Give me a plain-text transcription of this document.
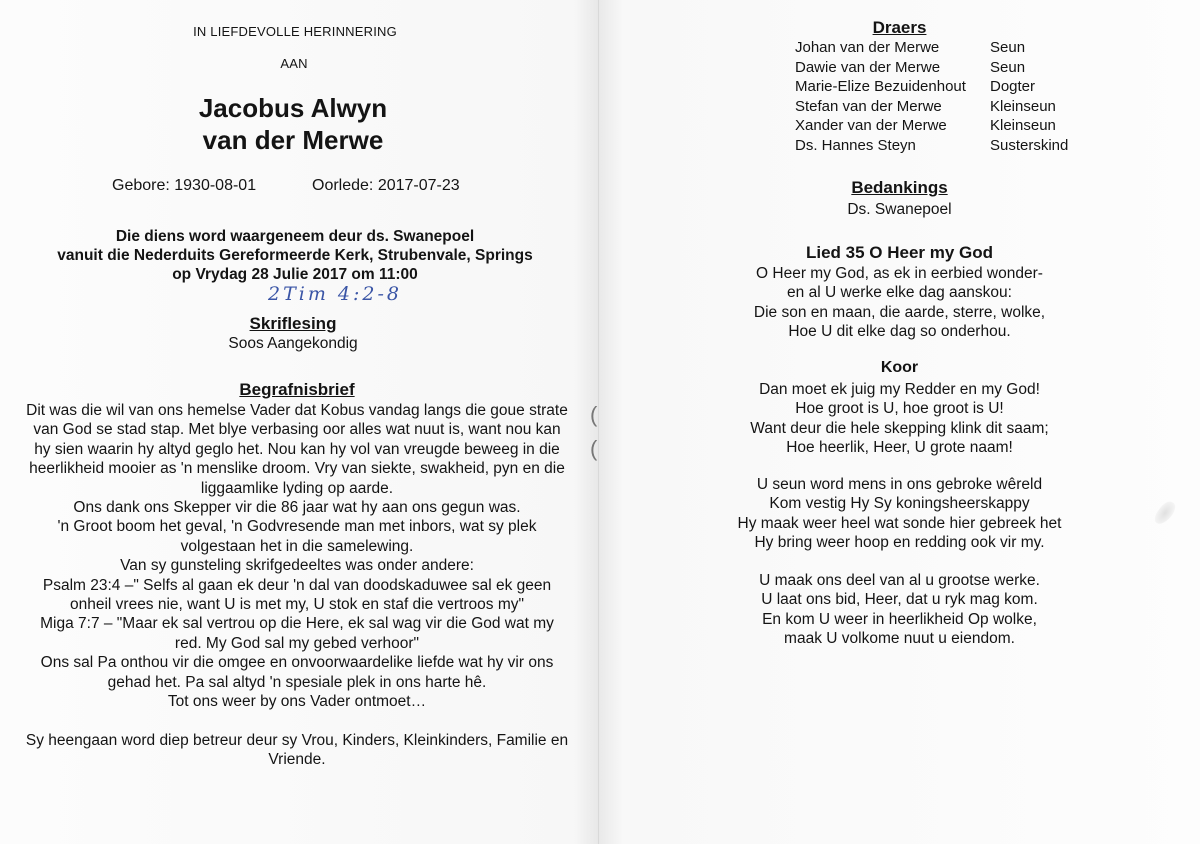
IN LIEFDEVOLLE HERINNERING
AAN
Jacobus Alwyn
van der Merwe
Gebore: 1930-08-01	Oorlede: 2017-07-23
Die diens word waargeneem deur ds. Swanepoel
vanuit die Nederduits Gereformeerde Kerk, Strubenvale, Springs
op Vrydag 28 Julie 2017 om 11:00
2Tim 4:2-8
Skriflesing
Soos Aangekondig
Begrafnisbrief

Dit was die wil van ons hemelse Vader dat Kobus vandag langs die goue strate

van God se stad stap. Met blye verbasing oor alles wat nuut is, want nou kan

hy sien waarin hy altyd geglo het. Nou kan hy vol van vreugde beweeg in die

heerlikheid mooier as 'n menslike droom. Vry van siekte, swakheid, pyn en die

liggaamlike lyding op aarde.

Ons dank ons Skepper vir die 86 jaar wat hy aan ons gegun was.

'n Groot boom het geval, 'n Godvresende man met inbors, wat sy plek

volgestaan het in die samelewing.

Van sy gunsteling skrifgedeeltes was onder andere:

Psalm 23:4 –" Selfs al gaan ek deur 'n dal van doodskaduwee sal ek geen

onheil vrees nie, want U is met my, U stok en staf die vertroos my"

Miga 7:7 – "Maar ek sal vertrou op die Here, ek sal wag vir die God wat my

red. My God sal my gebed verhoor"

Ons sal Pa onthou vir die omgee en onvoorwaardelike liefde wat hy vir ons

gehad het. Pa sal altyd 'n spesiale plek in ons harte hê.

Tot ons weer by ons Vader ontmoet…

Sy heengaan word diep betreur deur sy Vrou, Kinders, Kleinkinders, Familie en

Vriende.

(
(
Draers
Johan van der Merwe	Seun
Dawie van der Merwe	Seun
Marie-Elize Bezuidenhout	Dogter
Stefan van der Merwe	Kleinseun
Xander van der Merwe	Kleinseun
Ds. Hannes Steyn	Susterskind
Bedankings
Ds. Swanepoel
Lied 35 O Heer my God
O Heer my God, as ek in eerbied wonder-
en al U werke elke dag aanskou:
Die son en maan, die aarde, sterre, wolke,
Hoe U dit elke dag so onderhou.
Koor
Dan moet ek juig my Redder en my God!
Hoe groot is U, hoe groot is U!
Want deur die hele skepping klink dit saam;
Hoe heerlik, Heer, U grote naam!
U seun word mens in ons gebroke wêreld
Kom vestig Hy Sy koningsheerskappy
Hy maak weer heel wat sonde hier gebreek het
Hy bring weer hoop en redding ook vir my.
U maak ons deel van al u grootse werke.
U laat ons bid, Heer, dat u ryk mag kom.
En kom U weer in heerlikheid Op wolke,
maak U volkome nuut u eiendom.
